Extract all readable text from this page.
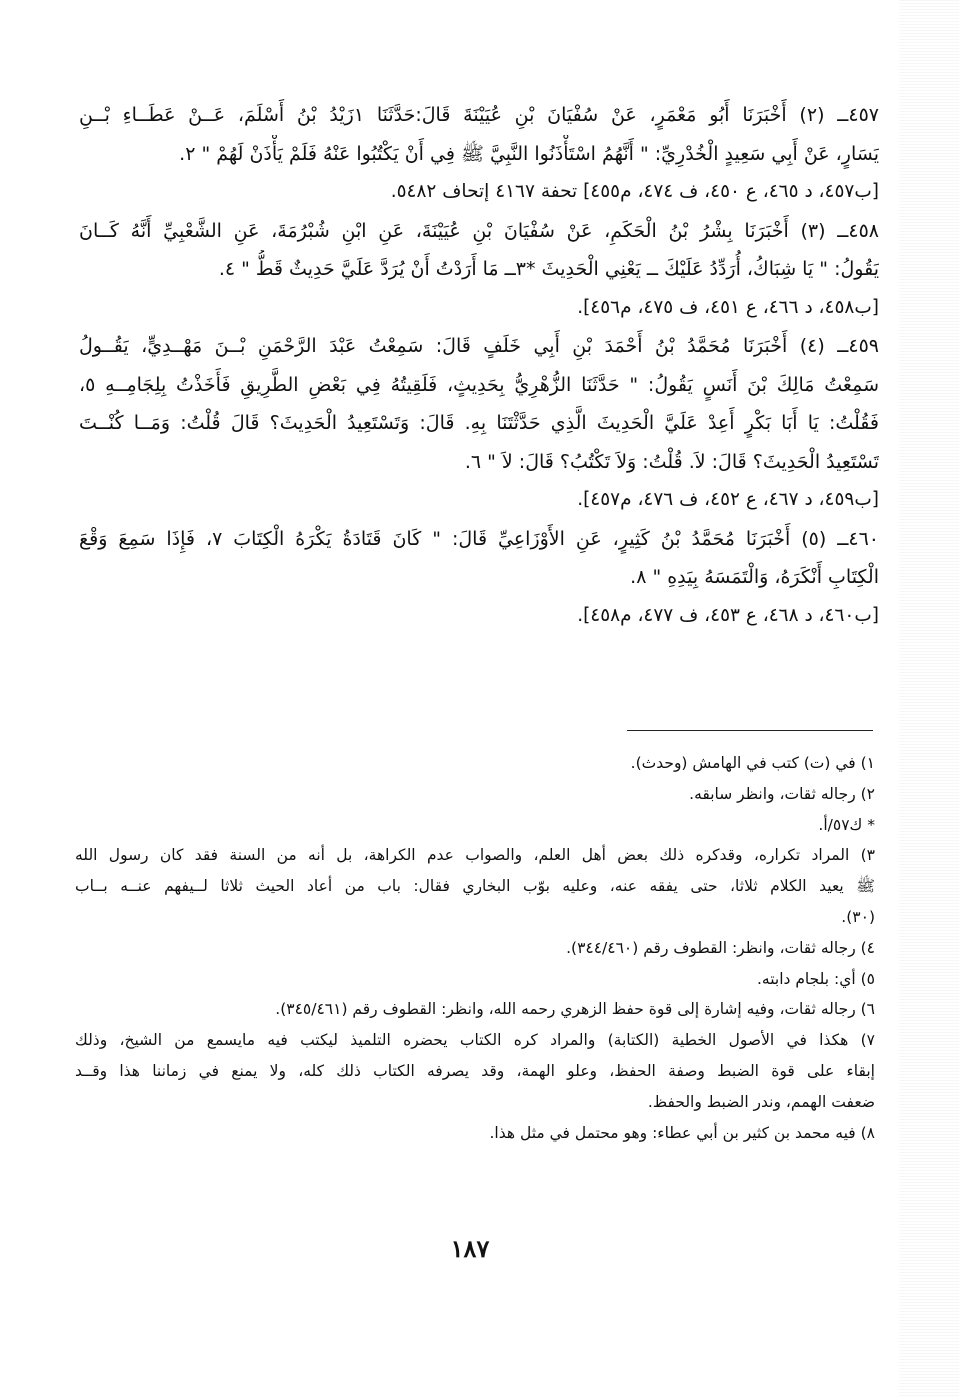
٤٥٧ــ (٢) أَخْبَرَنَا أَبُو مَعْمَرٍ، عَنْ سُفْيَانَ بْنِ عُيَيْنَةَ قَالَ:حَدَّثَنَا ١زَيْدُ بْنُ أَسْلَمَ، عَــنْ عَطَــاءِ بْــنِ
يَسَارٍ، عَنْ أَبِي سَعِيدٍ الْخُدْرِيِّ: " أَنَّهُمُ اسْتَأْذَنُوا النَّبِيَّ ﷺ فِي أَنْ يَكْتُبُوا عَنْهُ فَلَمْ يَأْذَنْ لَهُمْ " ٢.
[ب٤٥٧، د ٤٦٥، ع ٤٥٠، ف ٤٧٤، م٤٥٥] تحفة ٤١٦٧ إتحاف ٥٤٨٢.
٤٥٨ــ (٣) أَخْبَرَنَا بِشْرُ بْنُ الْحَكَمِ، عَنْ سُفْيَانَ بْنِ عُيَيْنَةَ، عَنِ ابْنِ شُبْرُمَةَ، عَنِ الشَّعْبِيِّ أَنَّهُ كَــانَ
يَقُولُ: " يَا شِبَاكُ، أُرَدِّدُ عَلَيْكَ ــ يَعْنِي الْحَدِيثَ *٣ــ مَا أَرَدْتُ أَنْ يُرَدَّ عَلَيَّ حَدِيثٌ قَطُّ " ٤.
[ب٤٥٨، د ٤٦٦، ع ٤٥١، ف ٤٧٥، م٤٥٦].
٤٥٩ــ (٤) أَخْبَرَنَا مُحَمَّدُ بْنُ أَحْمَدَ بْنِ أَبِي خَلَفٍ قَالَ: سَمِعْتُ عَبْدَ الرَّحْمَنِ بْــنَ مَهْــدِيٍّ، يَقُــولُ
سَمِعْتُ مَالِكَ بْنَ أَنَسٍ يَقُولُ: " حَدَّثَنَا الزُّهْرِيُّ بِحَدِيثٍ، فَلَقِيتُهُ فِي بَعْضِ الطَّرِيقِ فَأَخَذْتُ بِلِجَامِــهِ ٥،
فَقُلْتُ: يَا أَبَا بَكْرٍ أَعِدْ عَلَيَّ الْحَدِيثَ الَّذِي حَدَّثْتَنَا بِهِ. قَالَ: وَتَسْتَعِيدُ الْحَدِيثَ؟ قَالَ قُلْتُ: وَمَــا كُنْــتَ
تَسْتَعِيدُ الْحَدِيثَ؟ قَالَ: لاَ. قُلْتُ: وَلاَ تَكْتُبُ؟ قَالَ: لاَ " ٦.
[ب٤٥٩، د ٤٦٧، ع ٤٥٢، ف ٤٧٦، م٤٥٧].
٤٦٠ــ (٥) أَخْبَرَنَا مُحَمَّدُ بْنُ كَثِيرٍ، عَنِ الأَوْزَاعِيِّ قَالَ: " كَانَ قَتَادَةُ يَكْرَهُ الْكِتَابَ ٧، فَإِذَا سَمِعَ وَقْعَ
الْكِتَابِ أَنْكَرَهُ، وَالْتَمَسَهُ بِيَدِهِ " ٨.
[ب٤٦٠، د ٤٦٨، ع ٤٥٣، ف ٤٧٧، م٤٥٨].
١) في (ت) كتب في الهامش (وحدث).
٢) رجاله ثقات، وانظر سابقه.
* ك٥٧/أ.
٣) المراد تكراره، وقدكره ذلك بعض أهل العلم، والصواب عدم الكراهة، بل أنه من السنة فقد كان رسول الله
ﷺ يعيد الكلام ثلاثا، حتى يفقه عنه، وعليه بوّب البخاري فقال: باب من أعاد الحيث ثلاثا لــيفهم عنــه بــاب
(٣٠).
٤) رجاله ثقات، وانظر: القطوف رقم (٣٤٤/٤٦٠).
٥) أي: بلجام دابته.
٦) رجاله ثقات، وفيه إشارة إلى قوة حفظ الزهري رحمه الله، وانظر: القطوف رقم (٣٤٥/٤٦١).
٧) هكذا في الأصول الخطية (الكتابة) والمراد كره الكتاب يحضره التلميذ ليكتب فيه مايسمع من الشيخ، وذلك
إبقاء على قوة الضبط وصفة الحفظ، وعلو الهمة، وقد يصرفه الكتاب ذلك كله، ولا يمنع في زماننا هذا وقــد
ضعفت الهمم، وندر الضبط والحفظ.
٨) فيه محمد بن كثير بن أبي عطاء: وهو محتمل في مثل هذا.
١٨٧
